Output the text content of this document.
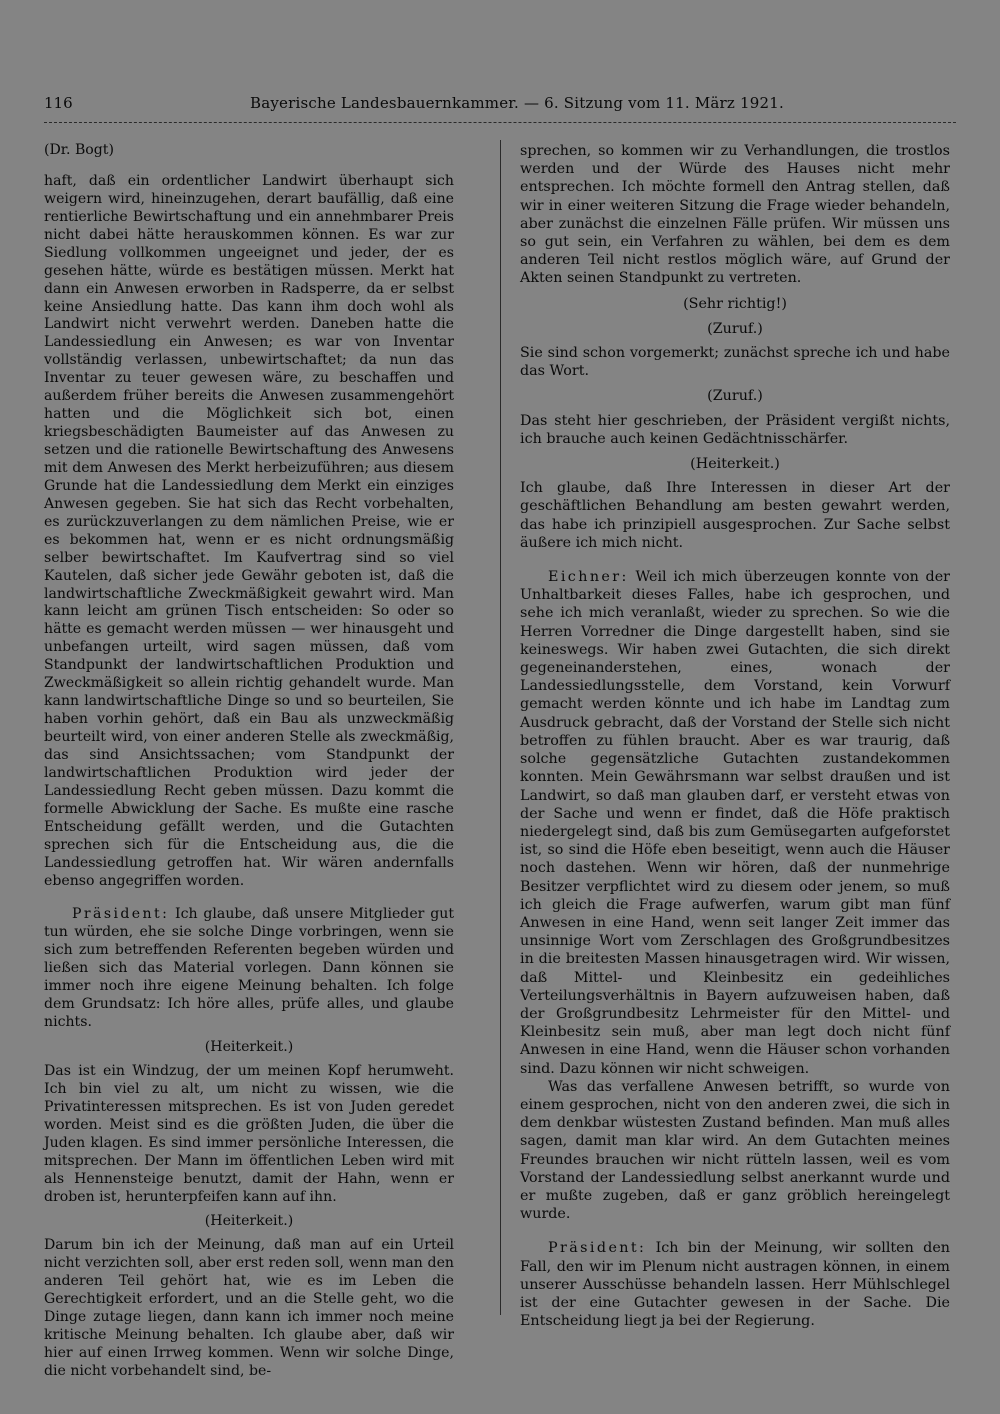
116	Bayerische Landesbauernkammer. — 6. Sitzung vom 11. März 1921.

(Dr. Bogt)

haft, daß ein ordentlicher Landwirt überhaupt sich weigern wird, hineinzugehen, derart baufällig, daß eine rentierliche Bewirtschaftung und ein annehmbarer Preis nicht dabei hätte herauskommen können. Es war zur Siedlung vollkommen ungeeignet und jeder, der es gesehen hätte, würde es bestätigen müssen. Merkt hat dann ein Anwesen erworben in Radsperre, da er selbst keine Ansiedlung hatte. Das kann ihm doch wohl als Landwirt nicht verwehrt werden. Daneben hatte die Landessiedlung ein Anwesen; es war von Inventar vollständig verlassen, unbewirtschaftet; da nun das Inventar zu teuer gewesen wäre, zu beschaffen und außerdem früher bereits die Anwesen zusammengehört hatten und die Möglichkeit sich bot, einen kriegsbeschädigten Baumeister auf das Anwesen zu setzen und die rationelle Bewirtschaftung des Anwesens mit dem Anwesen des Merkt herbeizuführen; aus diesem Grunde hat die Landessiedlung dem Merkt ein einziges Anwesen gegeben. Sie hat sich das Recht vorbehalten, es zurückzuverlangen zu dem nämlichen Preise, wie er es bekommen hat, wenn er es nicht ordnungsmäßig selber bewirtschaftet. Im Kaufvertrag sind so viel Kautelen, daß sicher jede Gewähr geboten ist, daß die landwirtschaftliche Zweckmäßigkeit gewahrt wird. Man kann leicht am grünen Tisch entscheiden: So oder so hätte es gemacht werden müssen — wer hinausgeht und unbefangen urteilt, wird sagen müssen, daß vom Standpunkt der landwirtschaftlichen Produktion und Zweckmäßigkeit so allein richtig gehandelt wurde. Man kann landwirtschaftliche Dinge so und so beurteilen, Sie haben vorhin gehört, daß ein Bau als unzweckmäßig beurteilt wird, von einer anderen Stelle als zweckmäßig, das sind Ansichtssachen; vom Standpunkt der landwirtschaftlichen Produktion wird jeder der Landessiedlung Recht geben müssen. Dazu kommt die formelle Abwicklung der Sache. Es mußte eine rasche Entscheidung gefällt werden, und die Gutachten sprechen sich für die Entscheidung aus, die die Landessiedlung getroffen hat. Wir wären andernfalls ebenso angegriffen worden.

Präsident: Ich glaube, daß unsere Mitglieder gut tun würden, ehe sie solche Dinge vorbringen, wenn sie sich zum betreffenden Referenten begeben würden und ließen sich das Material vorlegen. Dann können sie immer noch ihre eigene Meinung behalten. Ich folge dem Grundsatz: Ich höre alles, prüfe alles, und glaube nichts.

(Heiterkeit.)

Das ist ein Windzug, der um meinen Kopf herumweht. Ich bin viel zu alt, um nicht zu wissen, wie die Privatinteressen mitsprechen. Es ist von Juden geredet worden. Meist sind es die größten Juden, die über die Juden klagen. Es sind immer persönliche Interessen, die mitsprechen. Der Mann im öffentlichen Leben wird mit als Hennensteige benutzt, damit der Hahn, wenn er droben ist, herunterpfeifen kann auf ihn.

(Heiterkeit.)

Darum bin ich der Meinung, daß man auf ein Urteil nicht verzichten soll, aber erst reden soll, wenn man den anderen Teil gehört hat, wie es im Leben die Gerechtigkeit erfordert, und an die Stelle geht, wo die Dinge zutage liegen, dann kann ich immer noch meine kritische Meinung behalten. Ich glaube aber, daß wir hier auf einen Irrweg kommen. Wenn wir solche Dinge, die nicht vorbehandelt sind, be-

sprechen, so kommen wir zu Verhandlungen, die trostlos werden und der Würde des Hauses nicht mehr entsprechen. Ich möchte formell den Antrag stellen, daß wir in einer weiteren Sitzung die Frage wieder behandeln, aber zunächst die einzelnen Fälle prüfen. Wir müssen uns so gut sein, ein Verfahren zu wählen, bei dem es dem anderen Teil nicht restlos möglich wäre, auf Grund der Akten seinen Standpunkt zu vertreten.

(Sehr richtig!)

(Zuruf.)

Sie sind schon vorgemerkt; zunächst spreche ich und habe das Wort.

(Zuruf.)

Das steht hier geschrieben, der Präsident vergißt nichts, ich brauche auch keinen Gedächtnisschärfer.

(Heiterkeit.)

Ich glaube, daß Ihre Interessen in dieser Art der geschäftlichen Behandlung am besten gewahrt werden, das habe ich prinzipiell ausgesprochen. Zur Sache selbst äußere ich mich nicht.

Eichner: Weil ich mich überzeugen konnte von der Unhaltbarkeit dieses Falles, habe ich gesprochen, und sehe ich mich veranlaßt, wieder zu sprechen. So wie die Herren Vorredner die Dinge dargestellt haben, sind sie keineswegs. Wir haben zwei Gutachten, die sich direkt gegeneinanderstehen, eines, wonach der Landessiedlungsstelle, dem Vorstand, kein Vorwurf gemacht werden könnte und ich habe im Landtag zum Ausdruck gebracht, daß der Vorstand der Stelle sich nicht betroffen zu fühlen braucht. Aber es war traurig, daß solche gegensätzliche Gutachten zustandekommen konnten. Mein Gewährsmann war selbst draußen und ist Landwirt, so daß man glauben darf, er versteht etwas von der Sache und wenn er findet, daß die Höfe praktisch niedergelegt sind, daß bis zum Gemüsegarten aufgeforstet ist, so sind die Höfe eben beseitigt, wenn auch die Häuser noch dastehen. Wenn wir hören, daß der nunmehrige Besitzer verpflichtet wird zu diesem oder jenem, so muß ich gleich die Frage aufwerfen, warum gibt man fünf Anwesen in eine Hand, wenn seit langer Zeit immer das unsinnige Wort vom Zerschlagen des Großgrundbesitzes in die breitesten Massen hinausgetragen wird. Wir wissen, daß Mittel- und Kleinbesitz ein gedeihliches Verteilungsverhältnis in Bayern aufzuweisen haben, daß der Großgrundbesitz Lehrmeister für den Mittel- und Kleinbesitz sein muß, aber man legt doch nicht fünf Anwesen in eine Hand, wenn die Häuser schon vorhanden sind. Dazu können wir nicht schweigen.

Was das verfallene Anwesen betrifft, so wurde von einem gesprochen, nicht von den anderen zwei, die sich in dem denkbar wüstesten Zustand befinden. Man muß alles sagen, damit man klar wird. An dem Gutachten meines Freundes brauchen wir nicht rütteln lassen, weil es vom Vorstand der Landessiedlung selbst anerkannt wurde und er mußte zugeben, daß er ganz gröblich hereingelegt wurde.

Präsident: Ich bin der Meinung, wir sollten den Fall, den wir im Plenum nicht austragen können, in einem unserer Ausschüsse behandeln lassen. Herr Mühlschlegel ist der eine Gutachter gewesen in der Sache. Die Entscheidung liegt ja bei der Regierung.
